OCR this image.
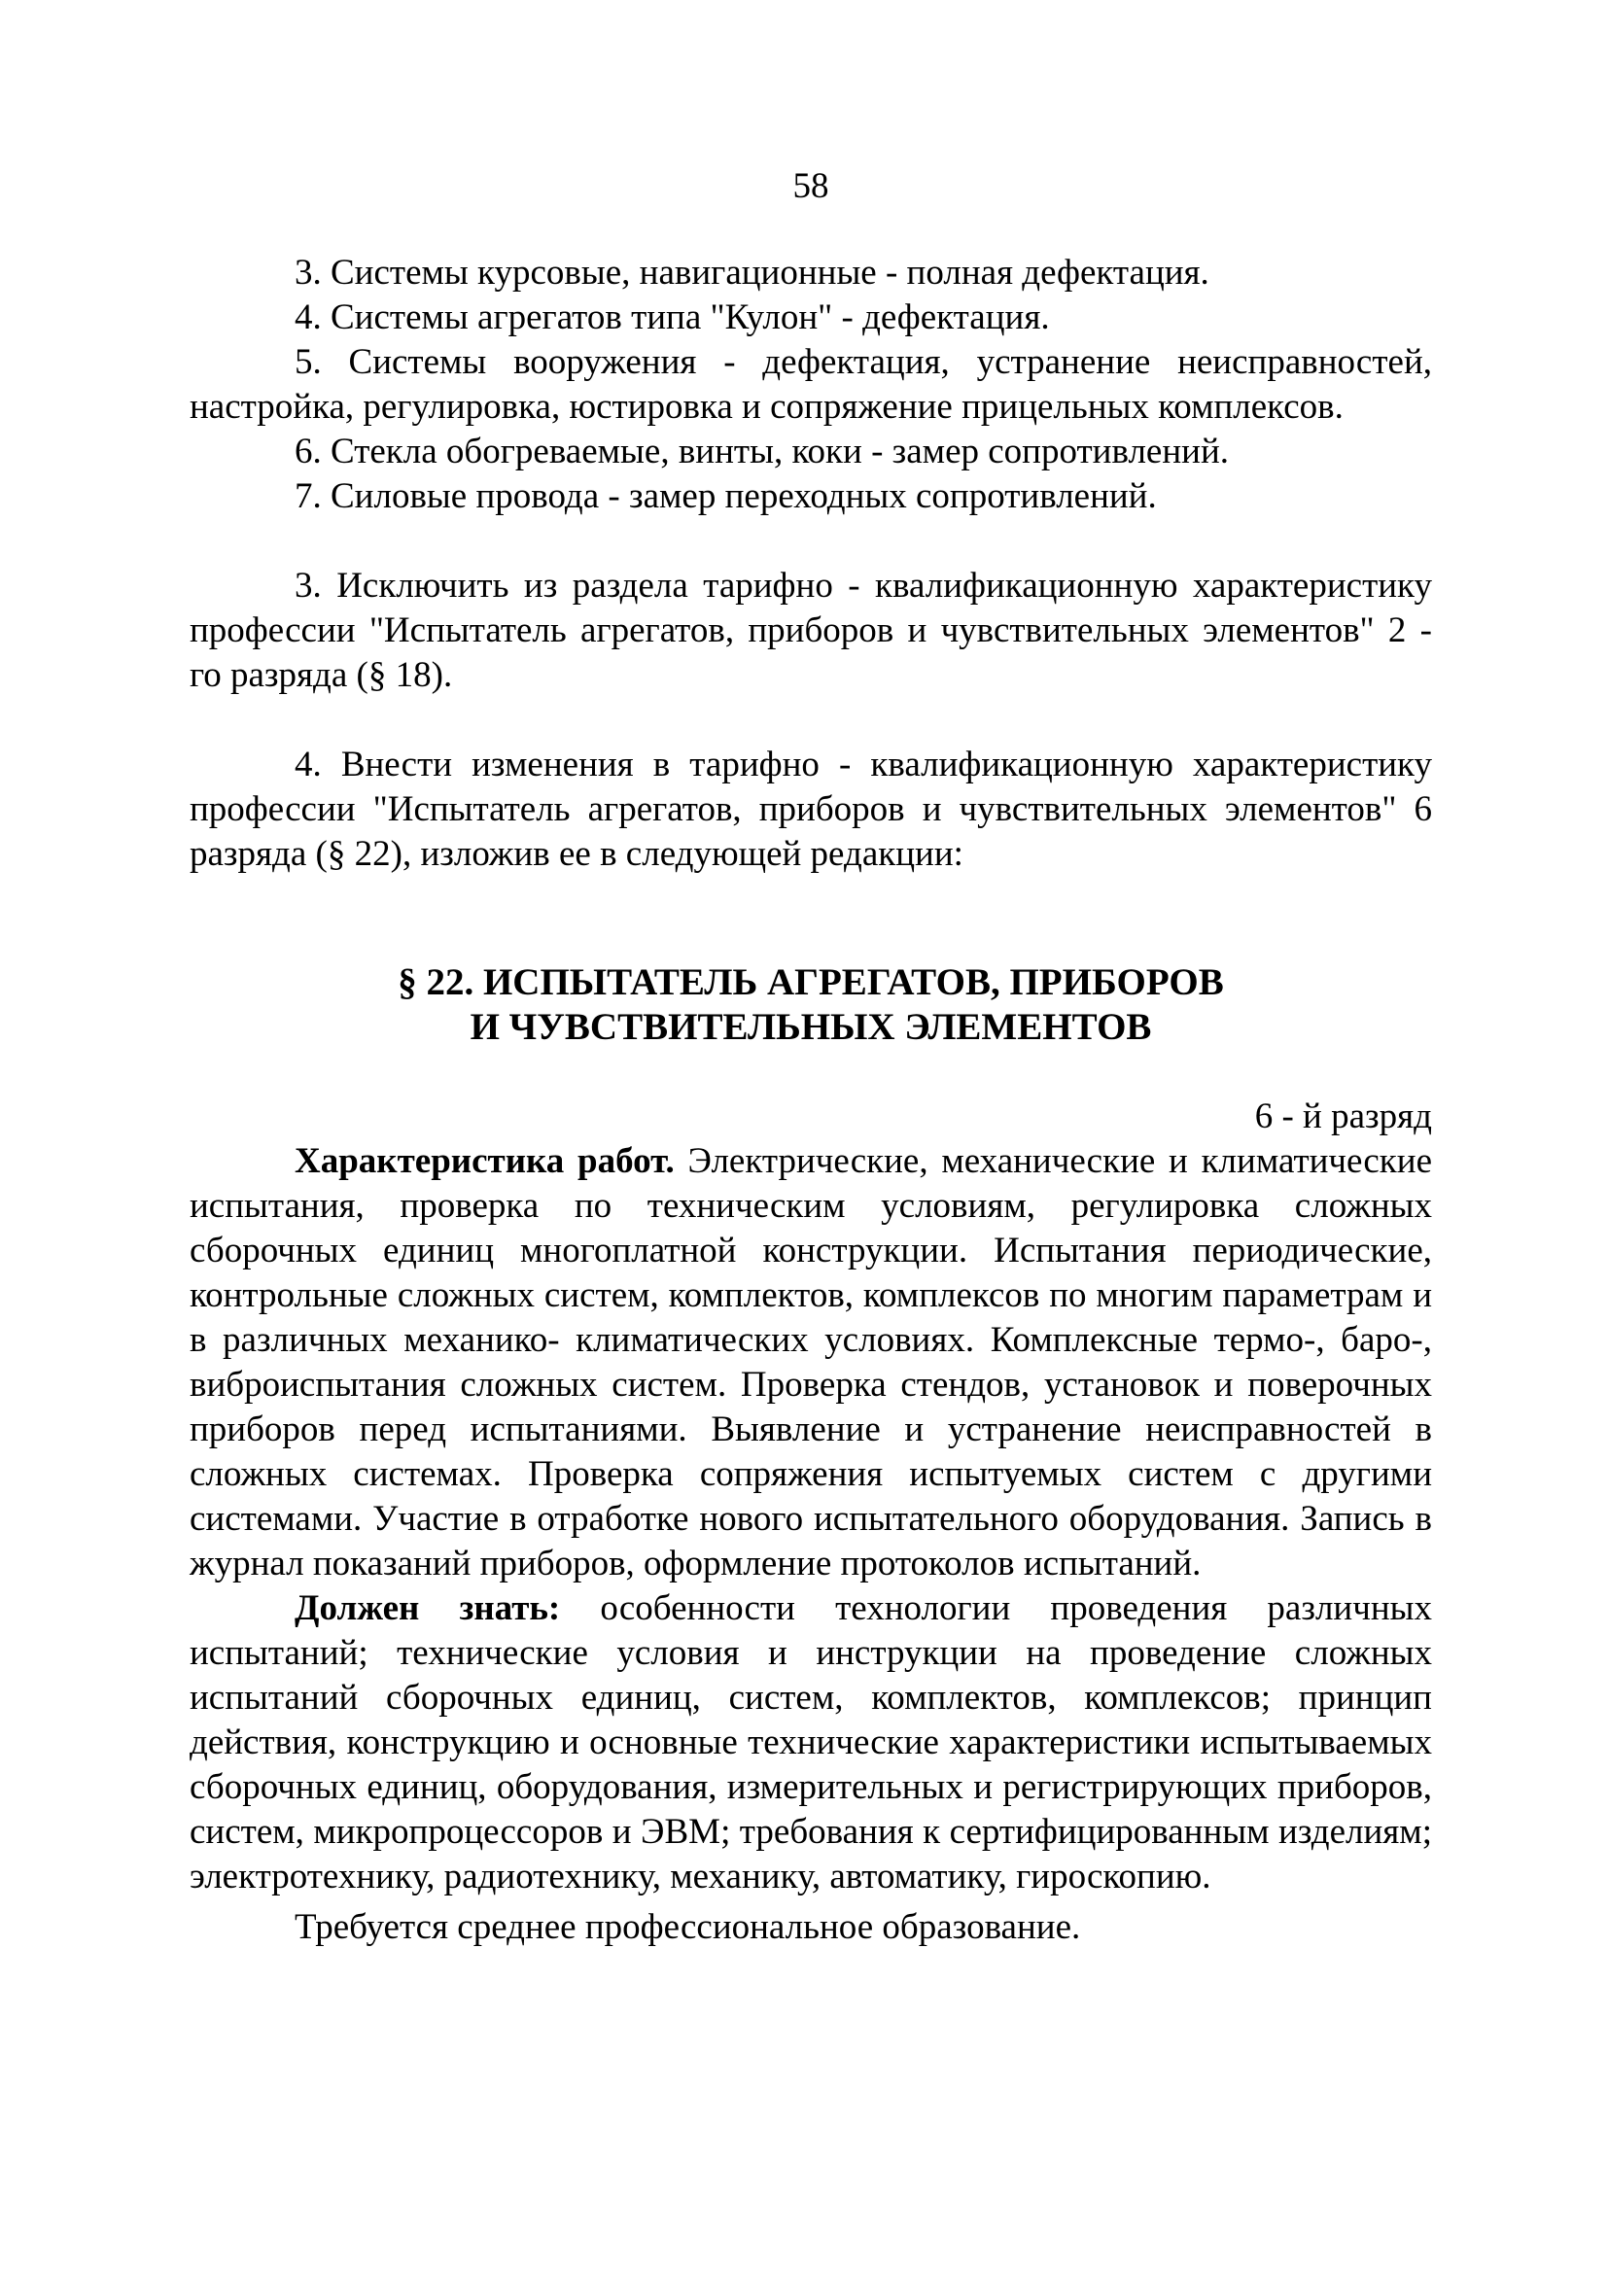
58

3. Системы курсовые, навигационные - полная дефектация.

4. Системы агрегатов типа "Кулон" - дефектация.

5. Системы вооружения - дефектация, устранение неисправностей, настройка, регулировка, юстировка и сопряжение прицельных комплексов.

6. Стекла обогреваемые, винты, коки - замер сопротивлений.

7. Силовые провода - замер переходных сопротивлений.

3. Исключить из раздела тарифно - квалификационную характеристику профессии "Испытатель агрегатов, приборов и чувствительных элементов" 2 - го разряда (§ 18).

4. Внести изменения в тарифно - квалификационную характеристику профессии "Испытатель агрегатов, приборов и чувствительных элементов" 6 разряда (§ 22), изложив ее в следующей редакции:

§ 22. ИСПЫТАТЕЛЬ АГРЕГАТОВ, ПРИБОРОВ
И ЧУВСТВИТЕЛЬНЫХ ЭЛЕМЕНТОВ
6 - й разряд

Характеристика работ. Электрические, механические и климатические испытания, проверка по техническим условиям, регулировка сложных сборочных единиц многоплатной конструкции. Испытания периодические, контрольные сложных систем, комплектов, комплексов по многим параметрам и в различных механико- климатических условиях. Комплексные термо-, баро-, виброиспытания сложных систем. Проверка стендов, установок и поверочных приборов перед испытаниями. Выявление и устранение неисправностей в сложных системах. Проверка сопряжения испытуемых систем с другими системами. Участие в отработке нового испытательного оборудования. Запись в журнал показаний приборов, оформление протоколов испытаний.

Должен знать: особенности технологии проведения различных испытаний; технические условия и инструкции на проведение сложных испытаний сборочных единиц, систем, комплектов, комплексов; принцип действия, конструкцию и основные технические характеристики испытываемых сборочных единиц, оборудования, измерительных и регистрирующих приборов, систем, микропроцессоров и ЭВМ; требования к сертифицированным изделиям; электротехнику, радиотехнику, механику, автоматику, гироскопию.

Требуется среднее профессиональное образование.
